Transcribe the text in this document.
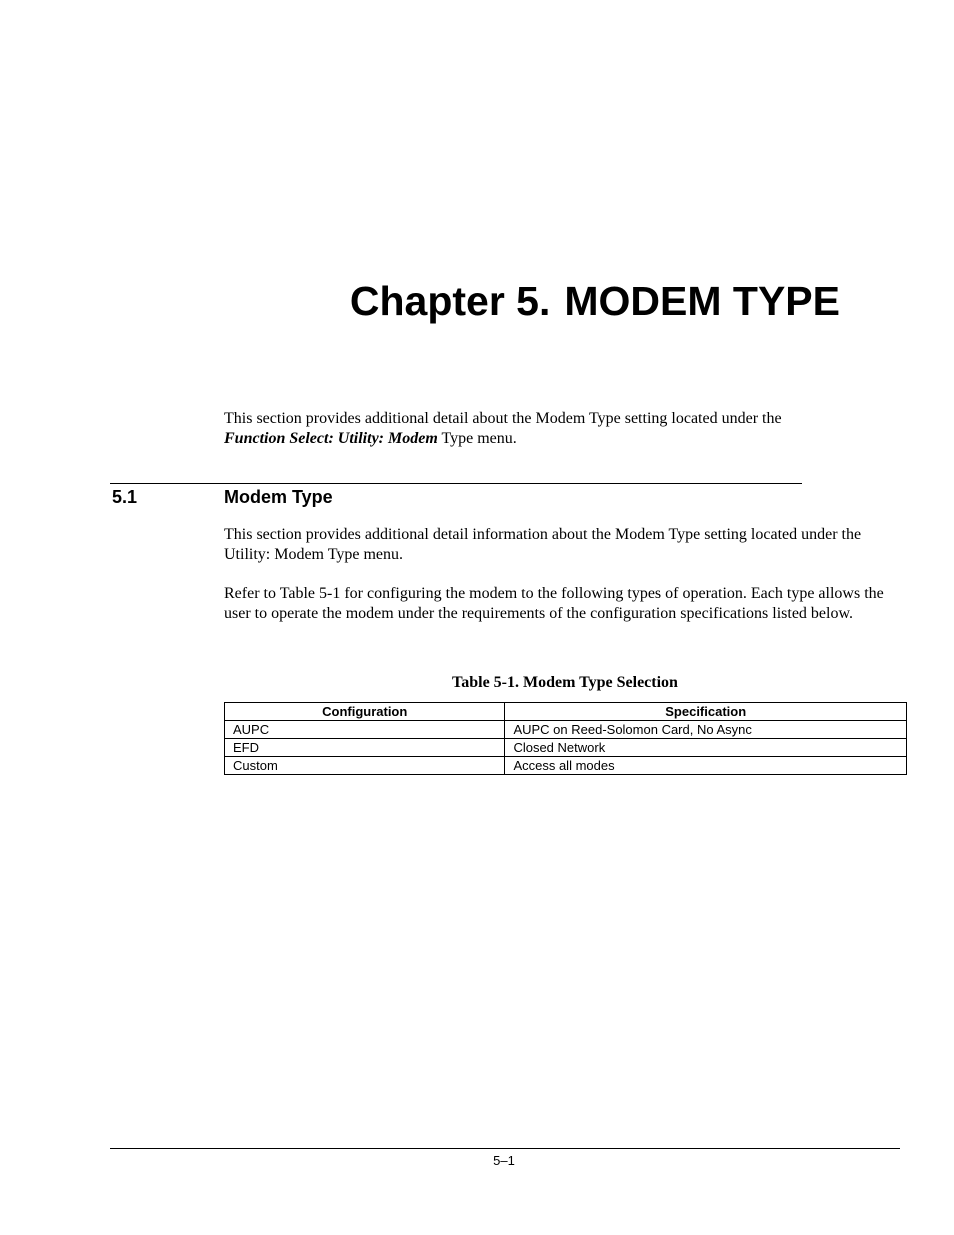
Chapter 5. MODEM TYPE
This section provides additional detail about the Modem Type setting located under the
Function Select: Utility: Modem Type menu.
5.1	Modem Type
This section provides additional detail information about the Modem Type setting located under the Utility: Modem Type menu.
Refer to Table 5-1 for configuring the modem to the following types of operation. Each type allows the user to operate the modem under the requirements of the configuration specifications listed below.
Table 5-1. Modem Type Selection
Configuration	Specification
AUPC	AUPC on Reed-Solomon Card, No Async
EFD	Closed Network
Custom	Access all modes
5–1
